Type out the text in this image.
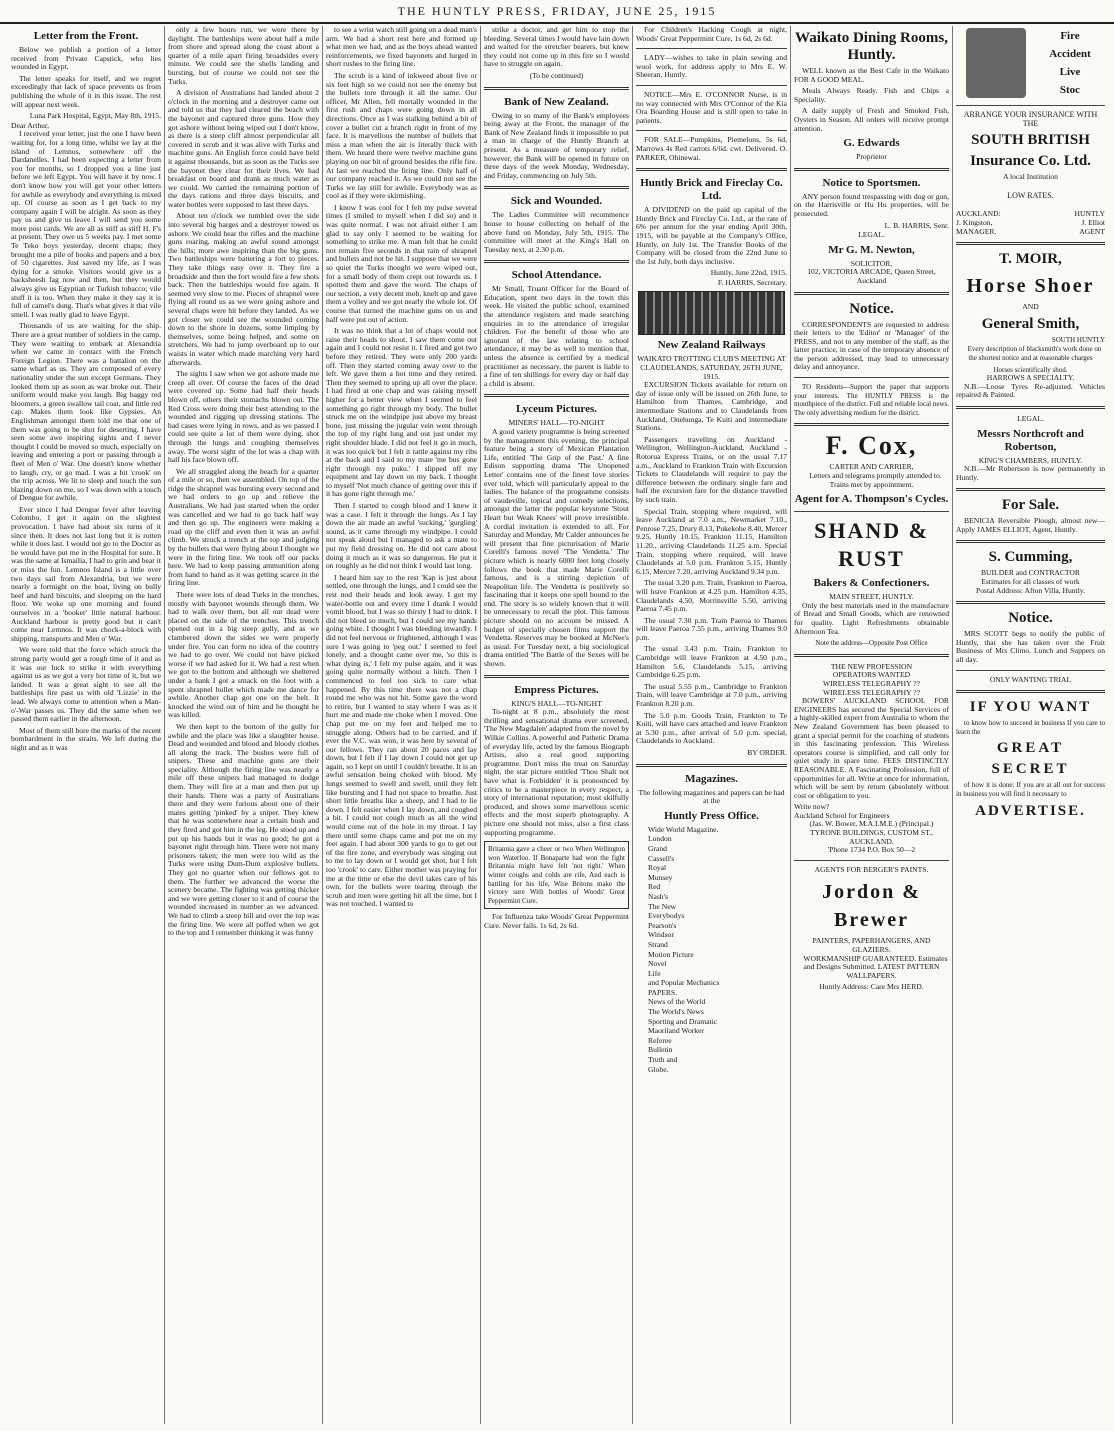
THE HUNTLY PRESS, FRIDAY, JUNE 25, 1915
Letter from the Front.

Below we publish a portion of a letter received from Private Capstick, who lies wounded in Egypt.

The letter speaks for itself, and we regret exceedingly that lack of space prevents us from publishing the whole of it in this issue. The rest will appear next week.

Luna Park Hospital, Egypt, May 8th, 1915.
Dear Arthur,

I received your letter, just the one I have been waiting for, for a long time, whilst we lay at the island of Lemnos, somewhere off the Dardanelles. I had been expecting a letter from you for months, so I dropped you a line just before we left Egypt. You will have it by now. I don't know how you will get your other letters for awhile as everybody and everything is mixed up. Of course as soon as I get back to my company again I will be alright. As soon as they pay us and give us leave I will send you some more post cards. We are all as stiff as stiff H. F's at present. They owe us 5 weeks pay. I met some Te Teko boys yesterday, decent chaps; they brought me a pile of books and papers and a box of 50 cigarettes. Just saved my life, as I was dying for a smoke. Visitors would give us a backsheesh fag now and then, but they would always give us Egyptian or Turkish tobacco; vile stuff it is too. When they make it they say it is full of camel's dung. That's what gives it that vile smell. I was really glad to leave Egypt.

Thousands of us are waiting for the ship. There are a great number of soldiers in the camp. They were waiting to embark at Alexandria when we came in contact with the French Foreign Legion. There was a battalion on the same wharf as us. They are composed of every nationality under the sun except Germans. They looked them up as soon as war broke out. Their uniform would make you laugh. Big baggy red bloomers, a green swallow tail coat, and little red cap. Makes them look like Gypsies. An Englishman amongst them told me that one of them was going to be shot for deserting. I have seen some awe inspiring sights and I never thought I could be moved so much, especially on leaving and entering a port or passing through a fleet of Men o' War. One doesn't know whether to laugh, cry, or go mad. I was a bit 'crook' on the trip across. We lit to sleep and touch the sun blazing down on me, so I was down with a touch of Dengue for awhile.

Ever since I had Dengue fever after leaving Colombo, I get it again on the slightest provocation. I have had about six turns of it since then. It does not last long but it is rotten while it does last. I would not go to the Doctor as he would have put me in the Hospital for sure. It was the same at Ismailia, I had to grin and bear it or miss the fun. Lemnos Island is a little over two days sail from Alexandria, but we were nearly a fortnight on the boat, living on bully beef and hard biscuits, and sleeping on the hard floor. We woke up one morning and found ourselves in a 'booker' little natural harbour. Auckland harbour is pretty good but it can't come near Lemnos. It was chock-a-block with shipping, transports and Men o' War.

We were told that the force which struck the strong party would get a rough time of it and as it was our luck to strike it with everything against us as we got a very hot time of it, but we landed. It was a great sight to see all the battleships fire past us with old 'Lizzie' in the lead. We always come to attention when a Man-o'-War passes us. They did the same when we passed them earlier in the afternoon.

Most of them still bore the marks of the recent bombardment in the straits. We left during the night and as it was

only a few hours run, we were there by daylight. The battleships were about half a mile from shore and spread along the coast about a quarter of a mile apart firing broadsides every minute. We could see the shells landing and bursting, but of course we could not see the Turks.

A division of Australians had landed about 2 o'clock in the morning and a destroyer came out and told us that they had cleared the beach with the bayonet and captured three guns. How they got ashore without being wiped out I don't know, as there is a steep cliff almost perpendicular all covered in scrub and it was alive with Turks and machine guns. An English force could have held it against thousands, but as soon as the Turks see the bayonet they clear for their lives. We had breakfast on board and drank as much water as we could. We carried the remaining portion of the days rations and three days biscuits, and water bottles were supposed to last three days.

About ten o'clock we tumbled over the side into several big barges and a destroyer towed us ashore. We could hear the rifles and the machine guns roaring, making an awful sound amongst the hills; more awe inspiring than the big guns. Two battleships were battering a fort to pieces. They take things easy over it. They fire a broadside and then the fort would fire a few shots back. Then the battleships would fire again. It seemed very slow to me. Pieces of shrapnel were flying all round us as we were going ashore and several chaps were hit before they landed. As we got closer we could see the wounded coming down to the shore in dozens, some limping by themselves, some being helped, and some on stretchers. We had to jump overboard up to our waists in water which made marching very hard afterwards.

The sights I saw when we got ashore made me creep all over. Of course the faces of the dead were covered up. Some had half their heads blown off, others their stomachs blown out. The Red Cross were doing their best attending to the wounded and rigging up dressing stations. The bad cases were lying in rows, and as we passed I could see quite a lot of them were dying, shot through the lungs and coughing themselves away. The worst sight of the lot was a chap with half his face blown off.

We all straggled along the beach for a quarter of a mile or so, then we assembled. On top of the ridge the shrapnel was bursting every second and we had orders to go up and relieve the Australians. We had just started when the order was cancelled and we had to go back half way and then go up. The engineers were making a road up the cliff and even then it was an awful climb. We struck a trench at the top and judging by the bullets that were flying about I thought we were in the firing line. We took off our packs here. We had to keep passing ammunition along from hand to hand as it was getting scarce in the firing line.

There were lots of dead Turks in the trenches, mostly with bayonet wounds through them. We had to walk over them, but all our dead were placed on the side of the trenches. This trench opened out in a big steep gully, and as we clambered down the sides we were properly under fire. You can form no idea of the country we had to go over. We could not have picked worse if we had asked for it. We had a rest when we got to the bottom and although we sheltered under a bank I got a smack on the foot with a spent shrapnel bullet which made me dance for awhile. Another chap got one on the belt. It knocked the wind out of him and he thought he was killed.

We then kept to the bottom of the gully for awhile and the place was like a slaughter house. Dead and wounded and blood and bloody clothes all along the track. The bushes were full of snipers. These and machine guns are their speciality. Although the firing line was nearly a mile off these snipers had managed to dodge them. They will fire at a man and then put up their hands. There was a party of Australians there and they were furious about one of their mates getting 'pinked' by a sniper. They knew that he was somewhere near a certain bush and they fired and got him in the leg. He stood up and put up his hands but it was no good; he got a bayonet right through him. There were not many prisoners taken; the men were too wild as the Turks were using Dum-Dum explosive bullets. They got no quarter when our fellows got to them. The further we advanced the worse the scenery became. The fighting was getting thicker and we were getting closer to it and of course the wounded increased in number as we advanced. We had to climb a steep hill and over the top was the firing line. We were all puffed when we got to the top and I remember thinking it was funny

to see a wrist watch still going on a dead man's arm. We had a short rest here and formed up what men we had, and as the boys ahead wanted reinforcements, we fixed bayonets and lurged in short rushes to the firing line.

The scrub is a kind of inkweed about five or six feet high so we could not see the enemy but the bullets tore through it all the same. Our officer, Mr Allen, fell mortally wounded in the first rush and chaps were going down in all directions. Once as I was stalking behind a bit of cover a bullet cut a branch right in front of my face. It is marvellous the number of bullets that miss a man when the air is literally thick with them. We heard there were twelve machine guns playing on our bit of ground besides the rifle fire. At last we reached the firing line. Only half of our company reached it. As we could not see the Turks we lay still for awhile. Everybody was as cool as if they were skirmishing.

I know I was cool for I felt my pulse several times (I smiled to myself when I did so) and it was quite normal. I was not afraid either I am glad to say only I seemed to be waiting for something to strike me. A man felt that he could not remain five seconds in that rain of shrapnel and bullets and not be hit. I suppose that we were so quiet the Turks thought we were wiped out, for a small body of them crept out towards us. I spotted them and gave the word. The chaps of our section, a very decent mob, knelt up and gave them a volley and we got nearly the whole lot. Of course that turned the machine guns on us and half were put out of action.

It was no think that a lot of chaps would not raise their heads to shoot. I saw them come out again and I could not resist it. I fired and got two before they retired. They were only 200 yards off. Then they started coming away over to the left. We gave them a hot time and they retired. Then they seemed to spring up all over the place. I had fired at one chap and was raising myself higher for a better view when I seemed to feel something go right through my body. The bullet struck me on the windpipe just above my breast bone, just missing the jugular vein went through the top of my right lung and out just under my right shoulder blade. I did not feel it go in much, it was too quick but I felt it rattle against my ribs at the back and I said to my mate 'me bus gone right through my puku.' I slipped off my equipment and lay down on my back. I thought to myself 'Not much chance of getting over this if it has gone right through me.'

Then I started to cough blood and I knew it was a case. I felt it through the lungs. As I lay down the air made an awful 'sucking,' 'gurgling' sound, as it came through my windpipe. I could not speak aloud but I managed to ask a mate to put my field dressing on. He did not care about doing it much as it was so dangerous. He put it on roughly as he did not think I would last long.

I heard him say to the rest 'Kap is just about settled, one through the lungs, and I could see the rest nod their heads and look away. I got my water-bottle out and every time I drank I would vomit blood, but I was so thirsty I had to drink. I did not bleed so much, but I could see my hands going white. I thought I was bleeding inwardly. I did not feel nervous or frightened, although I was sure I was going to 'peg out.' I seemed to feel lonely, and a thought came over me, 'so this is what dying is,' I felt my pulse again, and it was going quite normally without a hitch. Then I commenced to feel too sick to care what happened. By this time there was not a chap round me who was not hit. Some gave the word to retire, but I wanted to stay where I was as it hurt me and made me choke when I moved. One chap put me on my feet and helped me to struggle along. Others had to be carried, and if ever the V.C. was won, it was here by several of our fellows. They ran about 20 paces and lay down, but I felt if I lay down I could not get up again, so I kept on until I couldn't breathe. It is an awful sensation being choked with blood. My lungs seemed to swell and swell, until they felt like bursting and I had not space to breathe. Just short little breaths like a sheep, and I had to lie down. I felt easier when I lay down, and coughed a bit. I could not cough much as all the wind would come out of the hole in my throat. I lay there until some chaps came and put me on my feet again. I had about 300 yards to go to get out of the fire zone, and everybody was singing out to me to lay down or I would get shot, but I felt too 'crook' to care. Either mother was praying for me at the time or else the devil takes care of his own, for the bullets were tearing through the scrub and men were getting hit all the time, but I was not touched. I wanted to

strike a doctor, and get him to stop the bleeding. Several times I would have lain down and waited for the stretcher bearers, but knew they could not come up in this fire so I would have to struggle on again.

(To be continued)
Bank of New Zealand.

Owing to so many of the Bank's employees being away at the Front, the manager of the Bank of New Zealand finds it impossible to put a man in charge of the Huntly Branch at present. As a measure of temporary relief, however, the Bank will be opened in future on three days of the week Monday, Wednesday, and Friday, commencing on July 5th.

Sick and Wounded.

The Ladies Committee will recommence house to house collecting on behalf of the above fund on Monday, July 5th, 1915. The committee will meet at the King's Hall on Tuesday next, at 2.30 p.m.

School Attendance.

Mr Small, Truant Officer for the Board of Education, spent two days in the town this week. He visited the public school, examined the attendance registers and made searching enquiries in to the attendance of irregular children. For the benefit of those who are ignorant of the law relating to school attendance, it may be as well to mention that, unless the absence is certified by a medical practitioner as necessary, the parent is liable to a fine of ten shillings for every day or half day a child is absent.

Lyceum Pictures.
MINERS' HALL—TO-NIGHT

A good variety programme is being screened by the management this evening, the principal feature being a story of Mexican Plantation Life, entitled 'The Grip of the Past.' A fine Edison supporting drama 'The Unopened Letter' contains one of the finest love stories ever told, which will particularly appeal to the ladies. The balance of the programme consists of vaudeville, topical and comedy selections, amongst the latter the popular keystone 'Stout Heart but Weak Knees' will prove irresistible. A cordial invitation is extended to all. For Saturday and Monday, Mr Calder announces he will present that fine picturisation of Marie Corelli's famous novel 'The Vendetta.' The picture which is nearly 6000 feet long closely follows the book that made Marie Corelli famous, and is a stirring depiction of Neapolitan life. The Vendetta is positively so fascinating that it keeps one spell bound to the end. The story is so widely known that it will be unnecessary to recall the plot. This famous picture should on no account be missed. A budget of specially chosen films support the Vendetta. Reserves may be booked at McNee's as usual. For Tuesday next, a big sociological drama entitled 'The Battle of the Sexes will be shown.

Empress Pictures.
KING'S HALL—TO-NIGHT

To-night at 8 p.m., absolutely the most thrilling and sensational drama ever screened, 'The New Magdalen' adapted from the novel by Wilkie Collins. A powerful and Pathetic Drama of everyday life, acted by the famous Biograph Artists, also a real good supporting programme. Don't miss the treat on Saturday night, the star picture entitled 'Thou Shalt not have what is Forbidden' it is pronounced by critics to be a masterpiece in every respect, a story of international reputation; most skilfully produced, and shows some marvellous scenic effects and the most superb photography. A picture one should not miss, also a first class supporting programme.

Britannia gave a cheer or two When Wellington won Waterloo. If Bonaparte had won the fight Britannia might have felt 'not right.' When winter coughs and colds are rife, And each is battling for his life, Wise Britons make the victory sure With bottles of Woods' Great Peppermint Cure.

For Influenza take Woods' Great Peppermint Cure. Never fails. 1s 6d, 2s 6d.

For Children's Hacking Cough at night, Woods' Great Peppermint Cure, 1s 6d, 2s 6d.

LADY—wishes to take in plain sewing and wool work, for address apply to Mrs E. W. Sheeran, Huntly.

NOTICE—Mrs E. O'CONNOR Nurse, is in no way connected with Mrs O'Connor of the Kia Ora Boarding House and is still open to take in patients.

FOR SALE—Pumpkins, Piemelons, 5s 6d, Marrows 4s Red carrots 6/6d. cwt. Delivered. O. PARKER, Ohinewai.

Huntly Brick and Fireclay Co. Ltd.

A DIVIDEND on the paid up capital of the Huntly Brick and Fireclay Co. Ltd., at the rate of 6% per annum for the year ending April 30th, 1915, will be payable at the Company's Office, Huntly, on July 1st. The Transfer Books of the Company will be closed from the 22nd June to the 1st July, both days inclusive.

Huntly, June 22nd, 1915.
F. HARRIS, Secretary.
New Zealand Railways
WAIKATO TROTTING CLUB'S MEETING AT CLAUDELANDS, SATURDAY, 26TH JUNE, 1915.

EXCURSION Tickets available for return on day of issue only will be issued on 26th June, to Hamilton from Thames, Cambridge, and intermediate Stations and to Claudelands from Auckland, Onehunga, Te Kuiti and intermediate Stations.

Passengers travelling on Auckland - Wellington, Wellington-Auckland, Auckland - Rotorua Express Trains, or on the usual 7.17 a.m., Auckland to Frankton Train with Excursion Tickets to Claudelands will require to pay the difference between the ordinary single fare and half the excursion fare for the distance travelled by such train.

Special Train, stopping where required, will leave Auckland at 7.0 a.m., Newmarket 7.10., Penrose 7.25, Drury 8.13, Pukekohe 8.40, Mercer 9.25, Huntly 10.15, Frankton 11.15, Hamilton 11.20., arriving Claudelands 11.25 a.m. Special Train, stopping where required, will leave Claudelands at 5.0 p.m. Frankton 5.15, Huntly 6.15, Mercer 7.20, arriving Auckland 9.34 p.m.

The usual 3.20 p.m. Train, Frankton to Paeroa, will leave Frankton at 4.25 p.m. Hamilton 4.35, Claudelands 4.50, Morrinsville 5.50, arriving Paeroa 7.45 p.m.

The usual 7.30 p.m. Train Paeroa to Thames will leave Paeroa 7.55 p.m., arriving Thames 9.0 p.m.

The usual 3.43 p.m. Train, Frankton to Cambridge will leave Frankton at 4.50 p.m., Hamilton 5.6, Claudelands 5.15, arriving Cambridge 6.25 p.m.

The usual 5.55 p.m., Cambridge to Frankton Train, will leave Cambridge at 7.0 p.m., arriving Frankton 8.20 p.m.

The 5.0 p.m. Goods Train, Frankton to Te Kuiti, will have cars attached and leave Frankton at 5.30 p.m., after arrival of 5.0 p.m. special, Claudelands to Auckland.

BY ORDER.
Magazines.
The following magazines and papers can be had at the
Huntly Press Office.
Wide World Magazine.
London
Grand
Cassell's
Royal
Munsey
Red
Nash's
The New
Everybodys
Pearson's
Windsor
Strand
Motion Picture
Novel
Life
and Popular Mechanics
PAPERS.
News of the World
The World's News
Sporting and Dramatic
Maoriland Worker
Referee
Bulletin
Truth and
Globe.
Waikato Dining Rooms, Huntly.

WELL known as the Best Cafe in the Waikato FOR A GOOD MEAL.

Meals Always Ready. Fish and Chips a Speciality.

A daily supply of Fresh and Smoked Fish, Oysters in Season. All orders will receive prompt attention.

G. Edwards
Proprietor
Notice to Sportsmen.

ANY person found trespassing with dog or gun, on the Harrisville or Hu Hu properties, will be prosecuted.

L. B. HARRIS, Senr.
LEGAL.
Mr G. M. Newton,
SOLICITOR,
102, VICTORIA ARCADE, Queen Street, Auckland
Notice.

CORRESPONDENTS are requested to address their letters to the 'Editor' or 'Manager' of the PRESS, and not to any member of the staff, as the latter practice, in case of the temporary absence of the person addressed, may lead to unnecessary delay and annoyance.

TO Residents—Support the paper that supports your interests. The HUNTLY PRESS is the mouthpiece of the district. Full and reliable local news. The only advertising medium for the district.

F. Cox,
CARTER AND CARRIER,

Letters and telegrams promptly attended to. Trains met by appointment.

Agent for A. Thompson's Cycles.
SHAND & RUST
Bakers & Confectioners.
MAIN STREET, HUNTLY.

Only the best materials used in the manufacture of Bread and Small Goods, which are renowned for quality. Light Refreshments obtainable Afternoon Tea.

Note the address—Opposite Post Office
THE NEW PROFESSION
OPERATORS WANTED
WIRELESS TELEGRAPHY ??
WIRELESS TELEGRAPHY ??

BOWERS' AUCKLAND SCHOOL FOR ENGINEERS has secured the Special Services of a highly-skilled expert from Australia to whom the New Zealand Government has been pleased to grant a special permit for the coaching of students in this fascinating profession. This Wireless operators course is simplified, and call only for quiet study in spare time. FEES DISTINCTLY REASONABLE. A Fascinating Profession, full of opportunities for all. Write at once for information, which will be sent by return (absolutely without cost or obligation to you.

Write now?
Auckland School for Engineers
(Jas. W. Bower, M.A.I.M.E.) (Principal.)
TYRONE BUILDINGS, CUSTOM ST., AUCKLAND.
'Phone 1734 P.O. Box 50—2
AGENTS FOR BERGER'S PAINTS.
Jordon & Brewer
PAINTERS, PAPERHANGERS, AND GLAZIERS.

WORKMANSHIP GUARANTEED. Estimates and Designs Submitted. LATEST PATTERN WALLPAPERS.

Huntly Address: Care Mrs HERD.
Fire
Accident
Live
Stoc
ARRANGE YOUR INSURANCE WITH THE
SOUTH BRITISH
Insurance Co. Ltd.
A local Institution
LOW RATES.
AUCKLAND:	HUNTLY
J. Kingston,	J. Elliot
MANAGER.	AGENT
T. MOIR,
Horse Shoer
AND
General Smith,
SOUTH HUNTLY

Every description of blacksmith's work done on the shortest notice and at reasonable charges

Horses scientifically shod.
HARROWS A SPECIALTY.

N.B.—Loose Tyres Re-adjusted. Vehicles repaired & Painted.

LEGAL.
Messrs Northcroft and Robertson,
KING'S CHAMBERS, HUNTLY.

N.B.—Mr Robertson is now permanently in Huntly.

For Sale.

BENICIA Reversible Plough, almost new—Apply JAMES ELLIOT, Agent, Huntly.

S. Cumming,
BUILDER and CONTRACTOR
Estimates for all classes of work
Postal Address: Afton Villa, Huntly.
Notice.

MRS SCOTT begs to notify the public of Huntly, that she has taken over the Fruit Business of Mrs Climo. Lunch and Suppers on all day.

ONLY WANTING TRIAL
IF YOU WANT

to know how to succeed in business If you care to learn the

GREAT
SECRET

of how it is done: If you are at all out for success in business you will find it necessary to

ADVERTISE.
